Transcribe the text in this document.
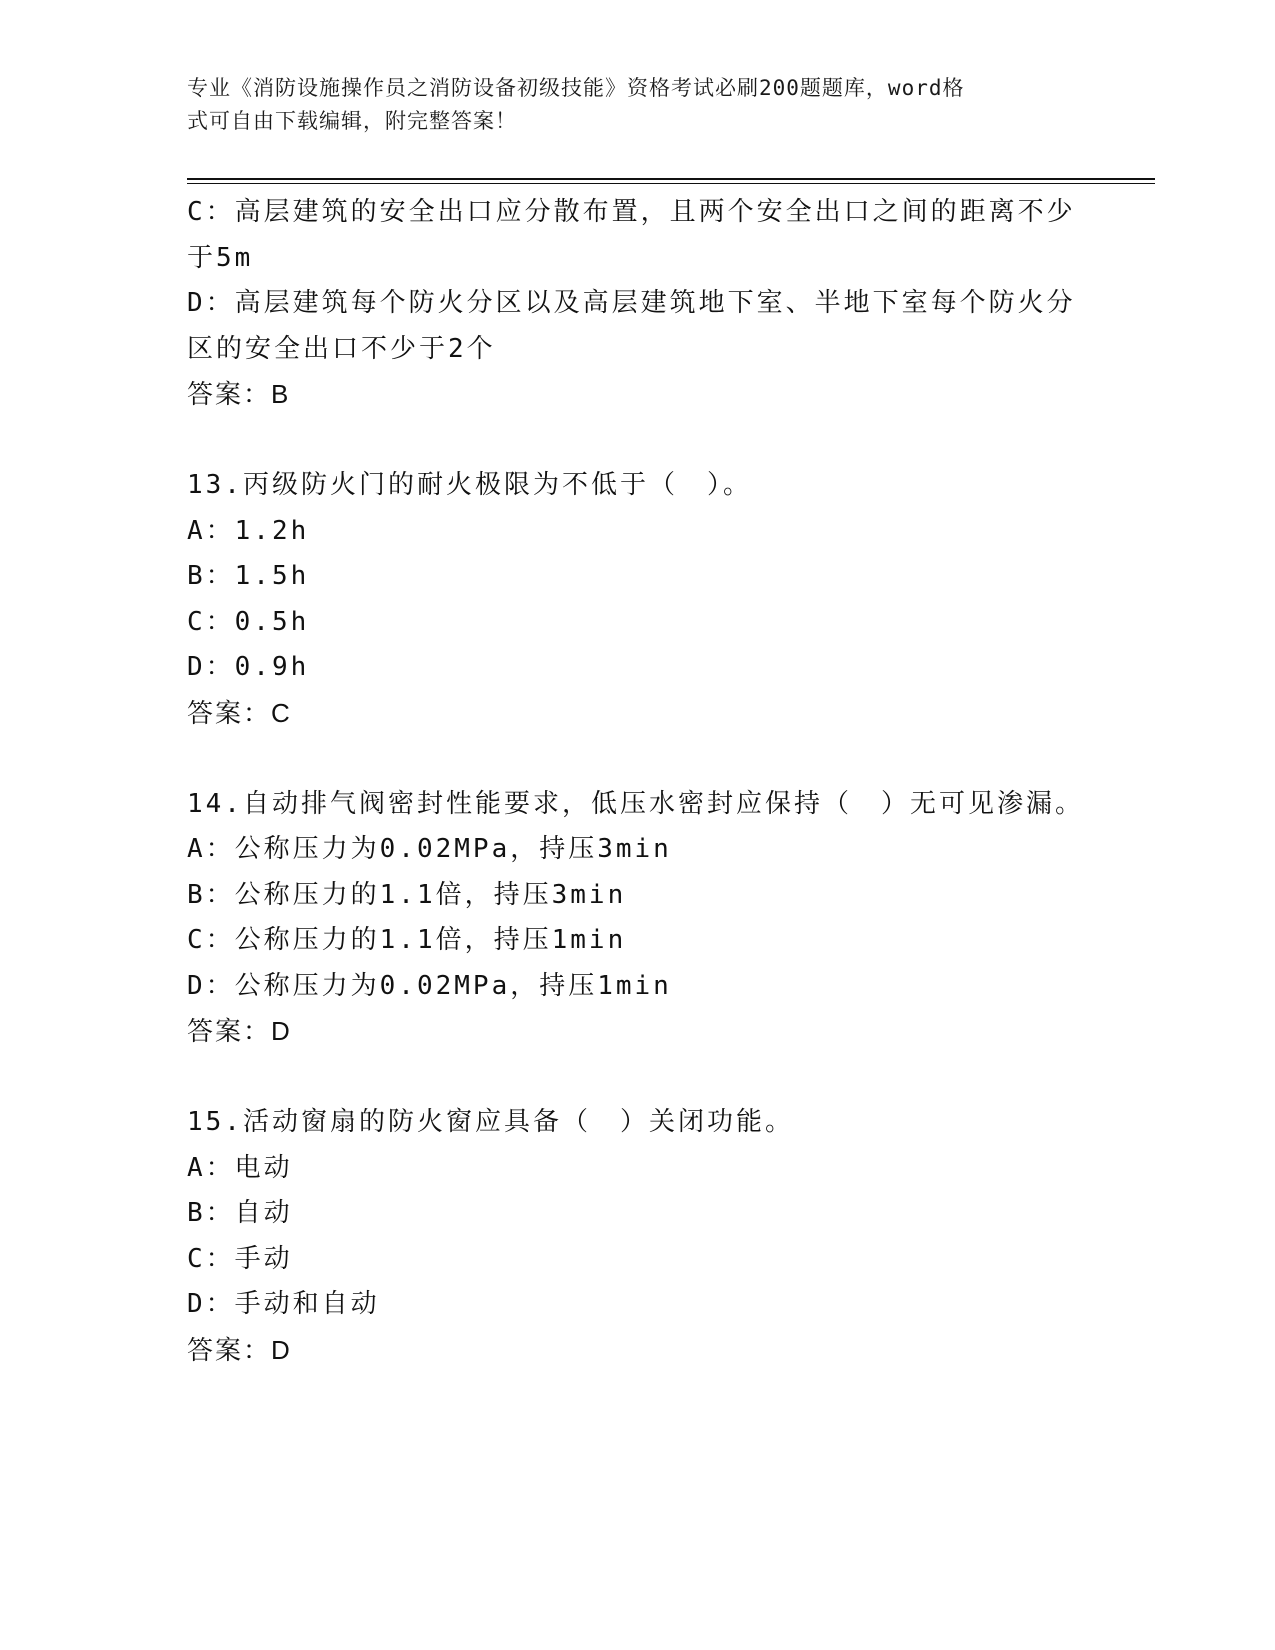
专业《消防设施操作员之消防设备初级技能》资格考试必刷200题题库，word格
式可自由下载编辑，附完整答案！
C：高层建筑的安全出口应分散布置，且两个安全出口之间的距离不少
于5m
D：高层建筑每个防火分区以及高层建筑地下室、半地下室每个防火分
区的安全出口不少于2个
答案：B
13.丙级防火门的耐火极限为不低于（　）。
A：1.2h
B：1.5h
C：0.5h
D：0.9h
答案：C
14.自动排气阀密封性能要求，低压水密封应保持（　）无可见渗漏。
A：公称压力为0.02MPa，持压3min
B：公称压力的1.1倍，持压3min
C：公称压力的1.1倍，持压1min
D：公称压力为0.02MPa，持压1min
答案：D
15.活动窗扇的防火窗应具备（　）关闭功能。
A：电动
B：自动
C：手动
D：手动和自动
答案：D
